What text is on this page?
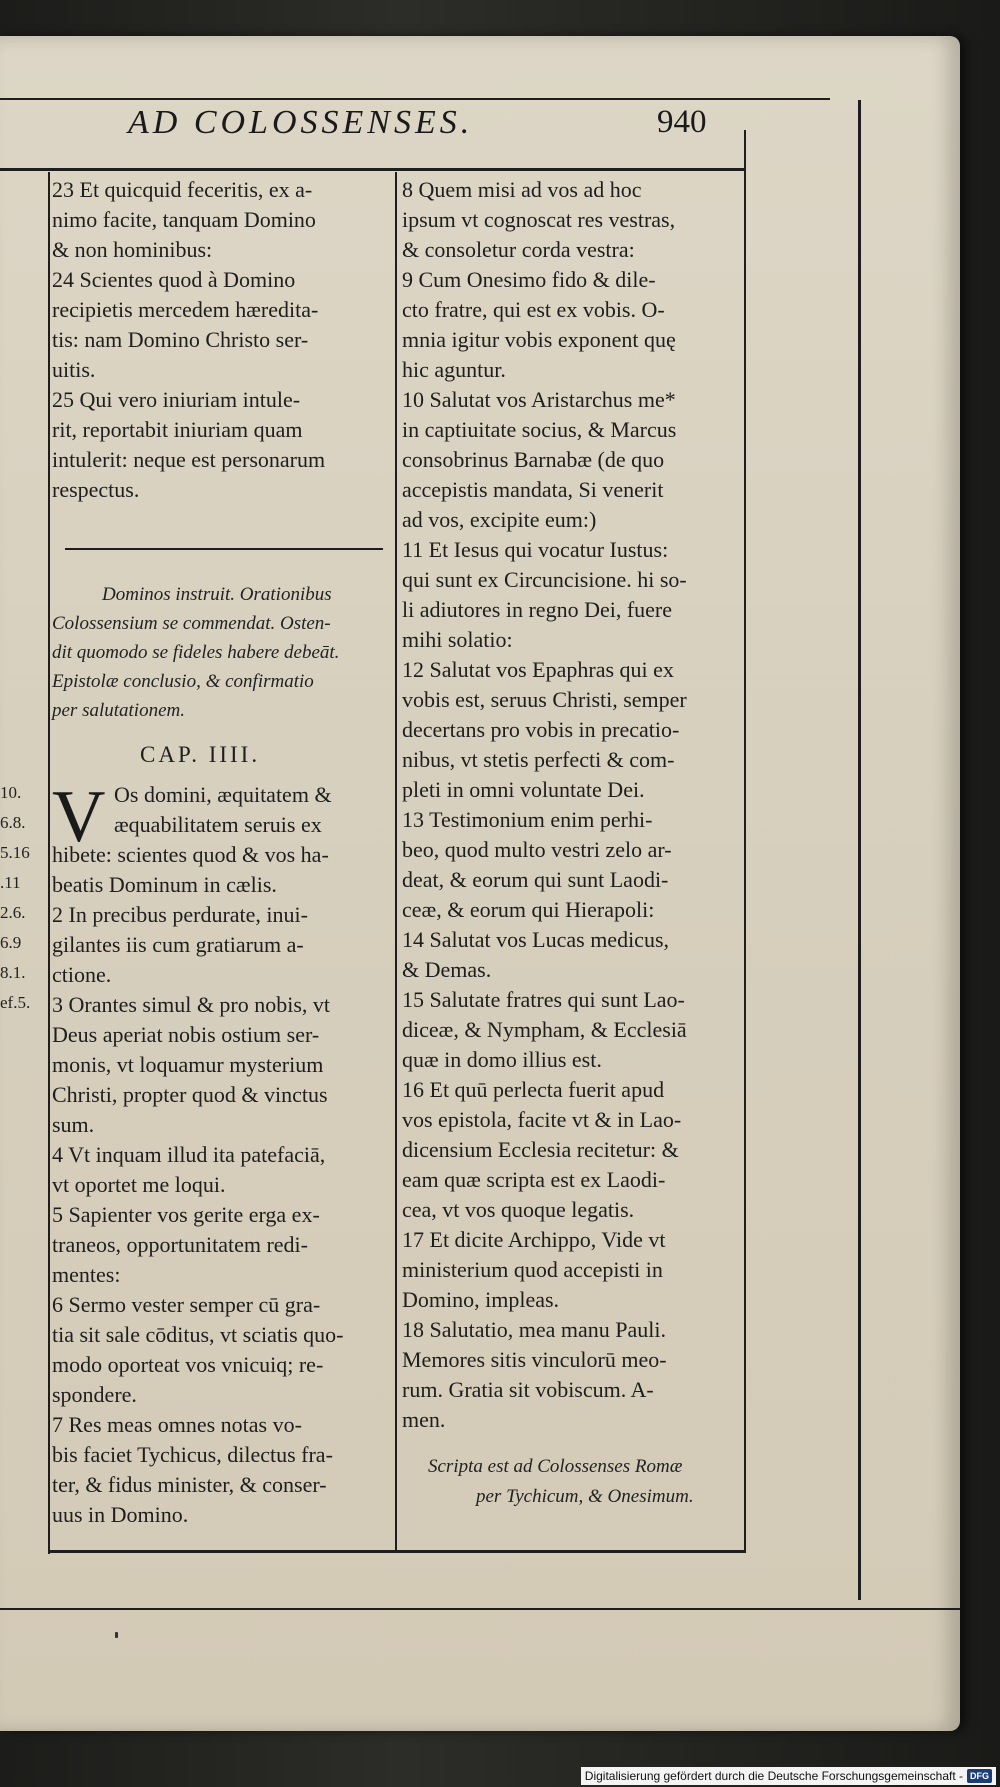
AD COLOSSENSES.	940
23 Et quicquid feceritis, ex a-
nimo facite, tanquam Domino
& non hominibus:
24 Scientes quod à Domino
recipietis mercedem hæredita-
tis: nam Domino Christo ser-
uitis.
25 Qui vero iniuriam intule-
rit, reportabit iniuriam quam
intulerit: neque est personarum
respectus.
Dominos instruit. Orationibus
Colossensium se commendat. Osten-
dit quomodo se fideles habere debeāt.
Epistolæ conclusio, & confirmatio
per salutationem.
CAP. IIII.
10.
6.8.
5.16
.11
2.6.
6.9
8.1.
ef.5.
V Os domini, æquitatem &
æquabilitatem seruis ex
hibete: scientes quod & vos ha-
beatis Dominum in cælis.
2 In precibus perdurate, inui-
gilantes iis cum gratiarum a-
ctione.
3 Orantes simul & pro nobis, vt
Deus aperiat nobis ostium ser-
monis, vt loquamur mysterium
Christi, propter quod & vinctus
sum.
4 Vt inquam illud ita patefaciā,
vt oportet me loqui.
5 Sapienter vos gerite erga ex-
traneos, opportunitatem redi-
mentes:
6 Sermo vester semper cū gra-
tia sit sale cōditus, vt sciatis quo-
modo oporteat vos vnicuiq; re-
spondere.
7 Res meas omnes notas vo-
bis faciet Tychicus, dilectus fra-
ter, & fidus minister, & conser-
uus in Domino.
8 Quem misi ad vos ad hoc
ipsum vt cognoscat res vestras,
& consoletur corda vestra:
9 Cum Onesimo fido & dile-
cto fratre, qui est ex vobis. O-
mnia igitur vobis exponent quę
hic aguntur.
10 Salutat vos Aristarchus me*
in captiuitate socius, & Marcus
consobrinus Barnabæ (de quo
accepistis mandata, Si venerit
ad vos, excipite eum:)
11 Et Iesus qui vocatur Iustus:
qui sunt ex Circuncisione. hi so-
li adiutores in regno Dei, fuere
mihi solatio:
12 Salutat vos Epaphras qui ex
vobis est, seruus Christi, semper
decertans pro vobis in precatio-
nibus, vt stetis perfecti & com-
pleti in omni voluntate Dei.
13 Testimonium enim perhi-
beo, quod multo vestri zelo ar-
deat, & eorum qui sunt Laodi-
ceæ, & eorum qui Hierapoli:
14 Salutat vos Lucas medicus,
& Demas.
15 Salutate fratres qui sunt Lao-
diceæ, & Nympham, & Ecclesiā
quæ in domo illius est.
16 Et quū perlecta fuerit apud
vos epistola, facite vt & in Lao-
dicensium Ecclesia recitetur: &
eam quæ scripta est ex Laodi-
cea, vt vos quoque legatis.
17 Et dicite Archippo, Vide vt
ministerium quod accepisti in
Domino, impleas.
18 Salutatio, mea manu Pauli.
Memores sitis vinculorū meo-
rum. Gratia sit vobiscum. A-
men.
Scripta est ad Colossenses Romæ
per Tychicum, & Onesimum.
Digitalisierung gefördert durch die Deutsche Forschungsgemeinschaft - DFG
